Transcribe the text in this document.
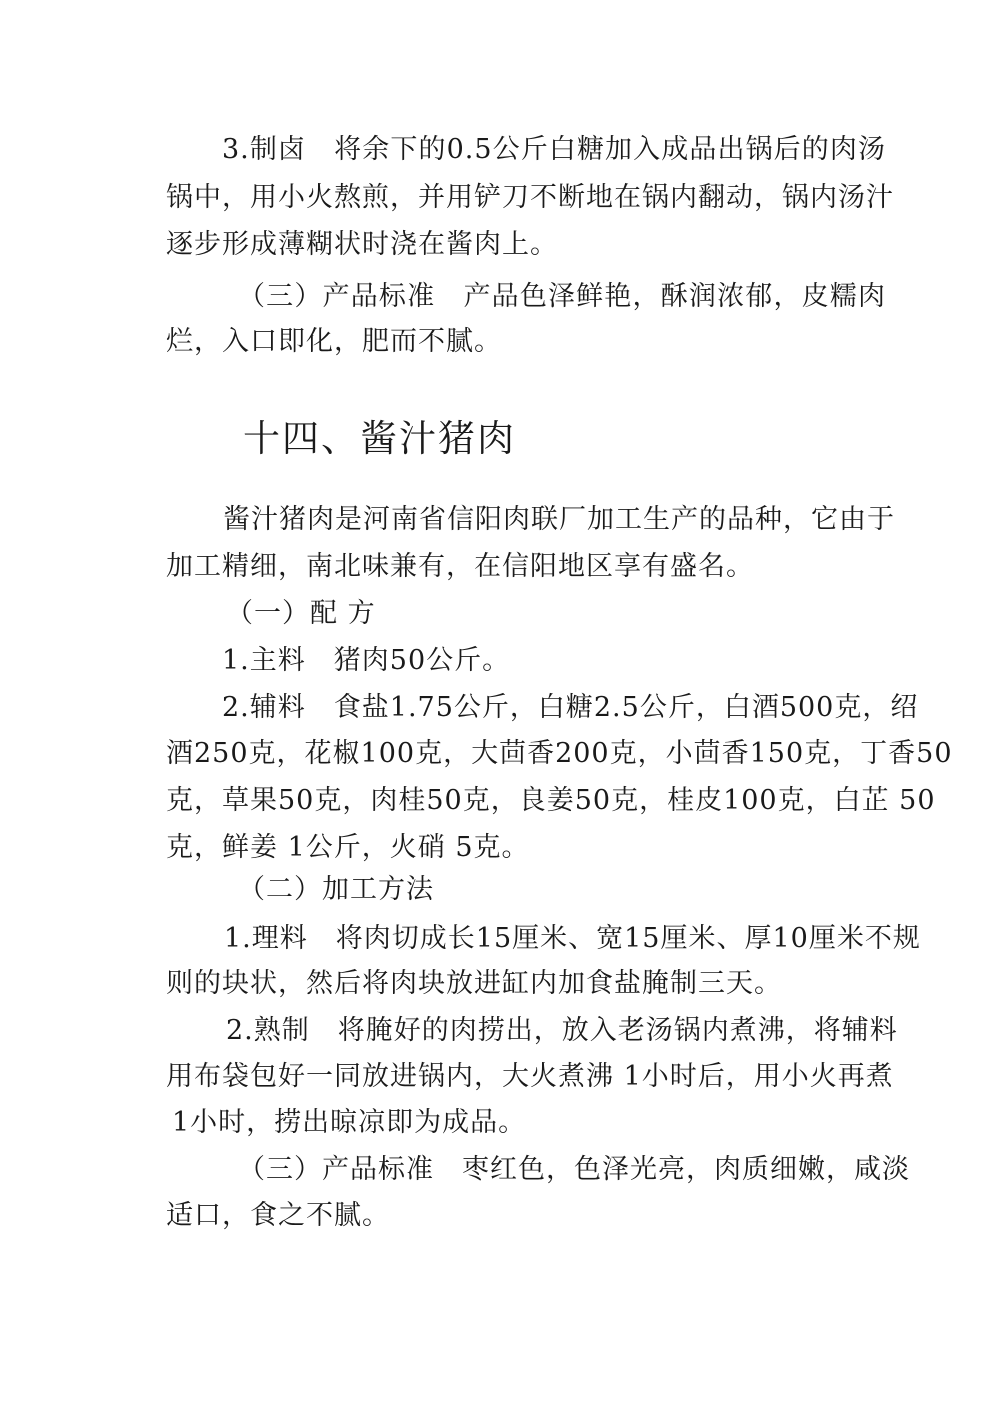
3.制卤　将余下的0.5公斤白糖加入成品出锅后的肉汤
锅中，用小火熬煎，并用铲刀不断地在锅内翻动，锅内汤汁
逐步形成薄糊状时浇在酱肉上。
（三）产品标准　产品色泽鲜艳，酥润浓郁，皮糯肉
烂，入口即化，肥而不腻。
十四、酱汁猪肉
酱汁猪肉是河南省信阳肉联厂加工生产的品种，它由于
加工精细，南北味兼有，在信阳地区享有盛名。
（一）配 方
1.主料　猪肉50公斤。
2.辅料　食盐1.75公斤，白糖2.5公斤，白酒500克，绍
酒250克，花椒100克，大茴香200克，小茴香150克，丁香50
克，草果50克，肉桂50克，良姜50克，桂皮100克，白芷 50
克，鲜姜 1公斤，火硝 5克。
（二）加工方法
1.理料　将肉切成长15厘米、宽15厘米、厚10厘米不规
则的块状，然后将肉块放进缸内加食盐腌制三天。
2.熟制　将腌好的肉捞出，放入老汤锅内煮沸，将辅料
用布袋包好一同放进锅内，大火煮沸 1小时后，用小火再煮
1小时，捞出晾凉即为成品。
（三）产品标准　枣红色，色泽光亮，肉质细嫩，咸淡
适口，食之不腻。
